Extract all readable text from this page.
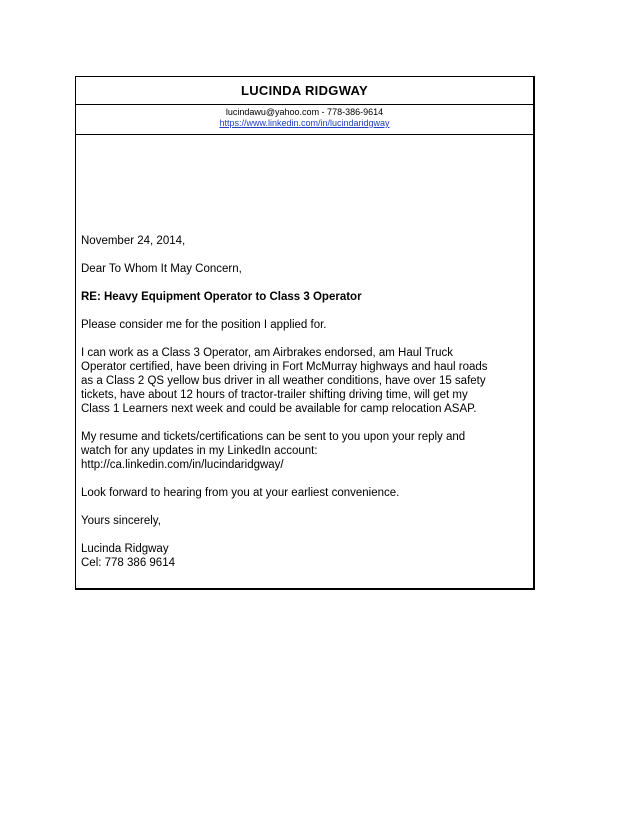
LUCINDA RIDGWAY
lucindawu@yahoo.com - 778-386-9614
https://www.linkedin.com/in/lucindaridgway

November 24, 2014,

Dear To Whom It May Concern,

RE: Heavy Equipment Operator to Class 3 Operator

Please consider me for the position I applied for.

I can work as a Class 3 Operator, am Airbrakes endorsed, am Haul Truck
Operator certified, have been driving in Fort McMurray highways and haul roads
as a Class 2 QS yellow bus driver in all weather conditions, have over 15 safety
tickets, have about 12 hours of tractor-trailer shifting driving time, will get my
Class 1 Learners next week and could be available for camp relocation ASAP.

My resume and tickets/certifications can be sent to you upon your reply and
watch for any updates in my LinkedIn account:
http://ca.linkedin.com/in/lucindaridgway/

Look forward to hearing from you at your earliest convenience.

Yours sincerely,

Lucinda Ridgway

Cel: 778 386 9614
